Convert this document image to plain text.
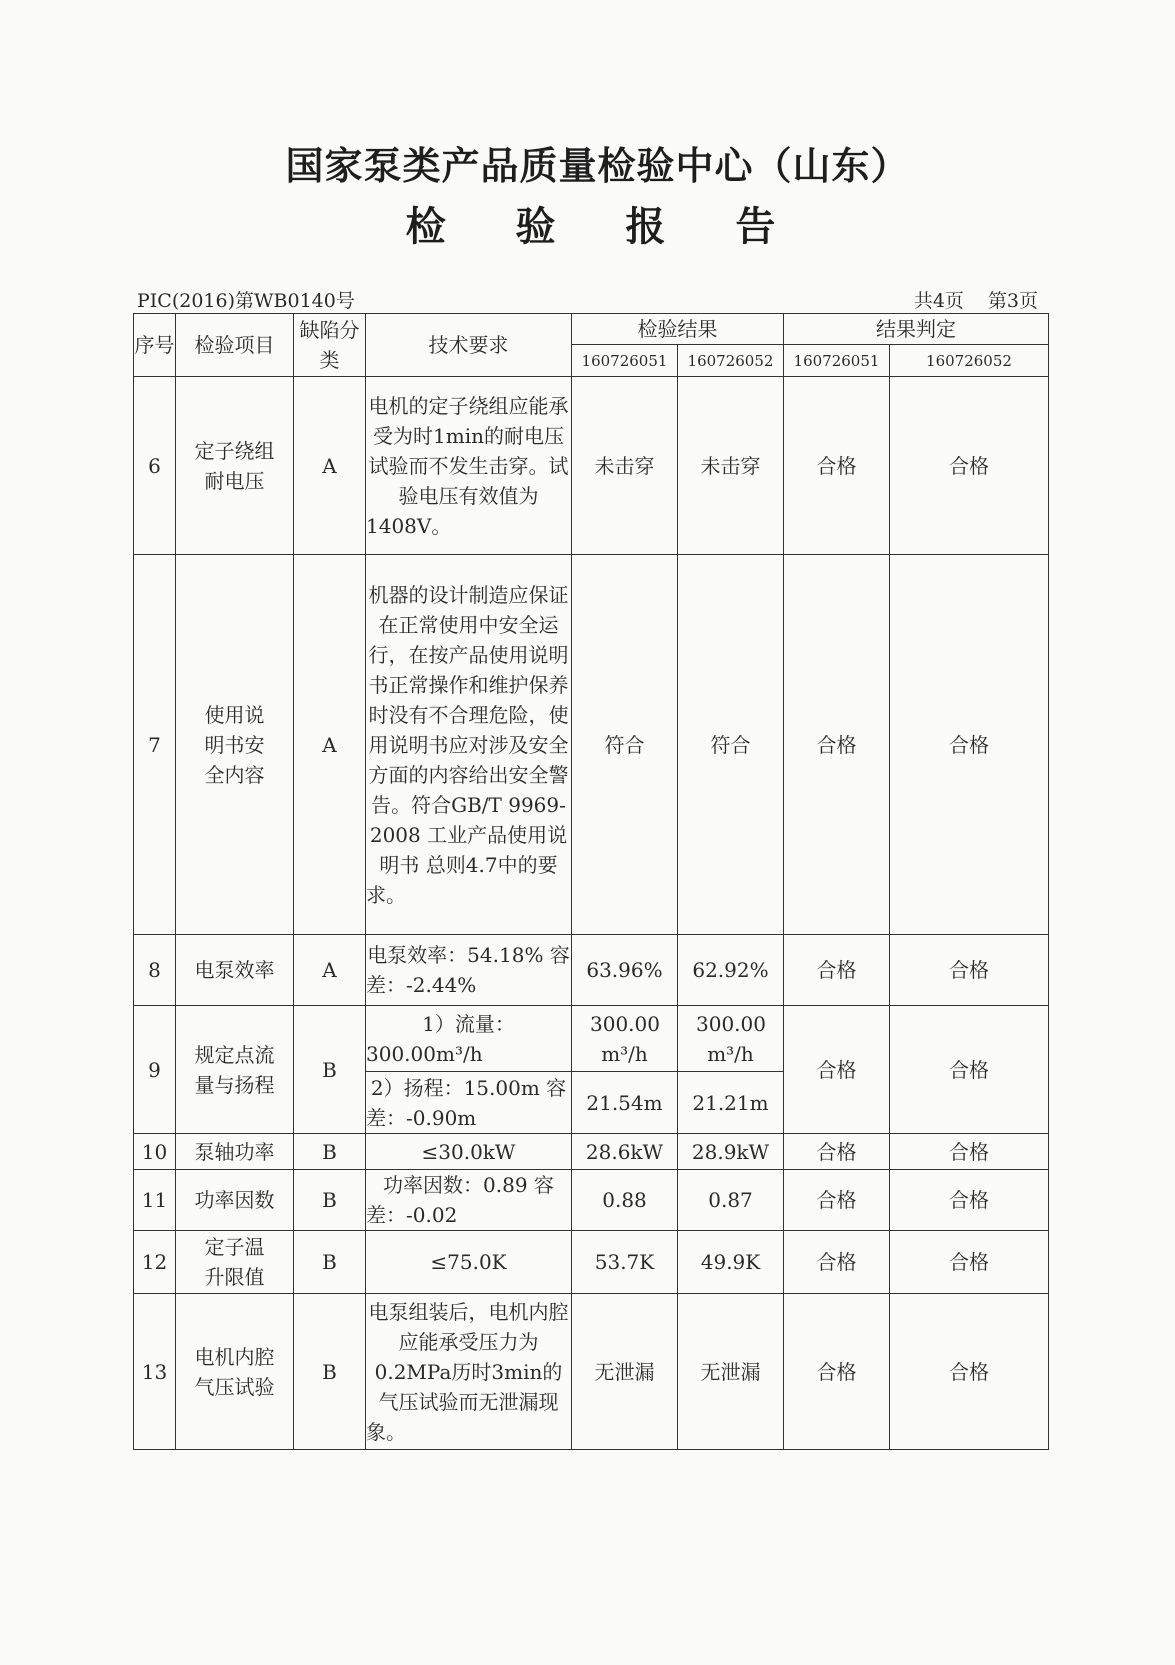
国家泵类产品质量检验中心（山东）
检 验 报 告
PIC(2016)第WB0140号	共4页 第3页
序号	检验项目	缺陷分类	技术要求	检验结果		结果判定	
				160726051	160726052	160726051	160726052
6	定子绕组耐电压	A	电机的定子绕组应能承受为时1min的耐电压试验而不发生击穿。试验电压有效值为1408V。	未击穿	未击穿	合格	合格
7	使用说明书安全内容	A	机器的设计制造应保证在正常使用中安全运行，在按产品使用说明书正常操作和维护保养时没有不合理危险，使用说明书应对涉及安全方面的内容给出安全警告。符合GB/T 9969-2008 工业产品使用说明书 总则4.7中的要求。	符合	符合	合格	合格
8	电泵效率	A	电泵效率：54.18% 容差：-2.44%	63.96%	62.92%	合格	合格
9	规定点流量与扬程	B	1）流量：300.00m³/h	300.00 m³/h	300.00 m³/h	合格	合格
			2）扬程：15.00m 容差：-0.90m	21.54m	21.21m		
10	泵轴功率	B	≤30.0kW	28.6kW	28.9kW	合格	合格
11	功率因数	B	功率因数：0.89 容差：-0.02	0.88	0.87	合格	合格
12	定子温升限值	B	≤75.0K	53.7K	49.9K	合格	合格
13	电机内腔气压试验	B	电泵组装后，电机内腔应能承受压力为0.2MPa历时3min的气压试验而无泄漏现象。	无泄漏	无泄漏	合格	合格
